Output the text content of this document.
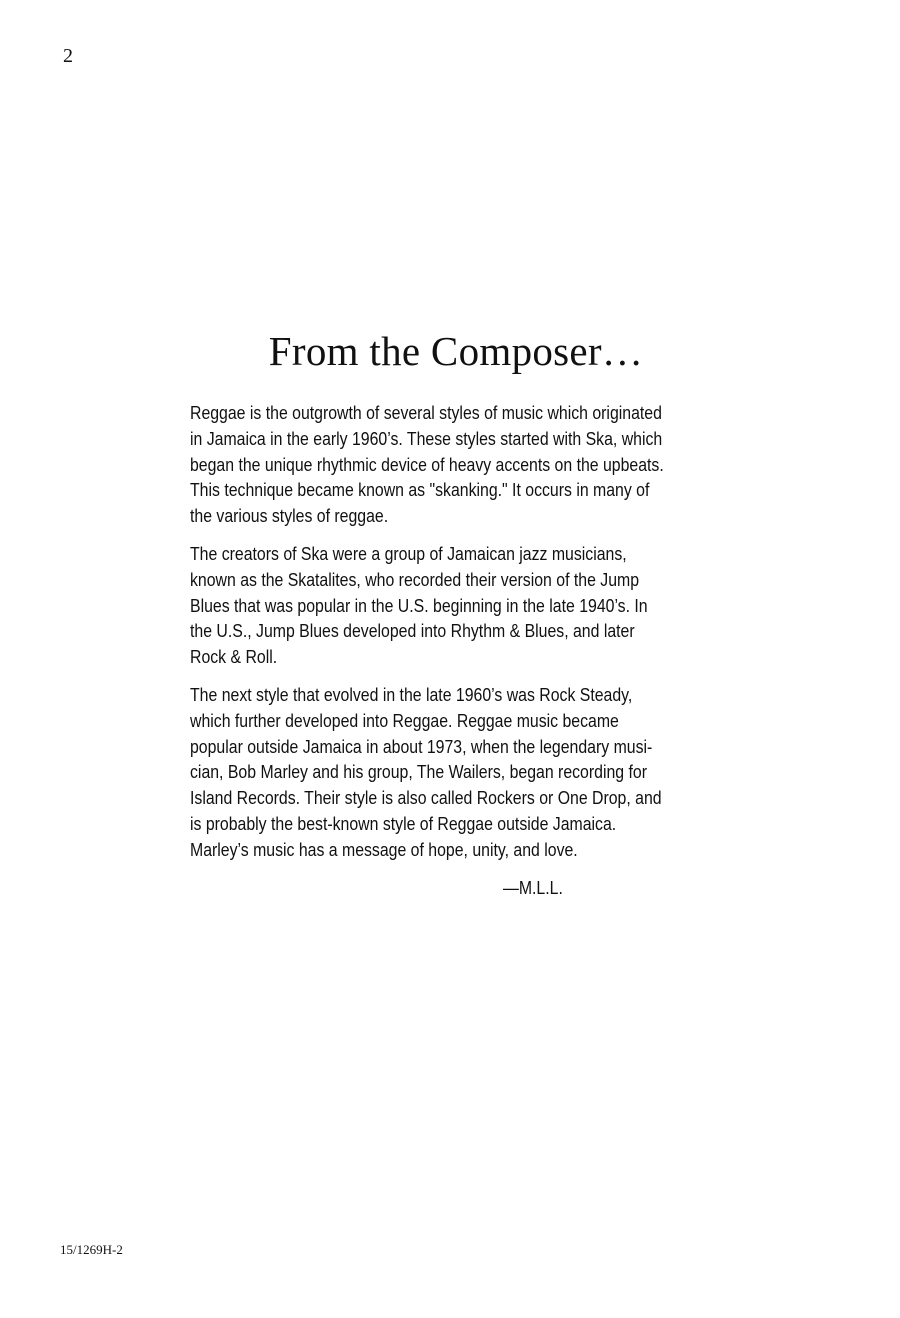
2
From the Composer…

Reggae is the outgrowth of several styles of music which originated
in Jamaica in the early 1960’s. These styles started with Ska, which
began the unique rhythmic device of heavy accents on the upbeats.
This technique became known as "skanking." It occurs in many of
the various styles of reggae.

The creators of Ska were a group of Jamaican jazz musicians,
known as the Skatalites, who recorded their version of the Jump
Blues that was popular in the U.S. beginning in the late 1940’s. In
the U.S., Jump Blues developed into Rhythm & Blues, and later
Rock & Roll.

The next style that evolved in the late 1960’s was Rock Steady,
which further developed into Reggae. Reggae music became
popular outside Jamaica in about 1973, when the legendary musi-
cian, Bob Marley and his group, The Wailers, began recording for
Island Records. Their style is also called Rockers or One Drop, and
is probably the best-known style of Reggae outside Jamaica.
Marley’s music has a message of hope, unity, and love.

—M.L.L.
15/1269H-2
